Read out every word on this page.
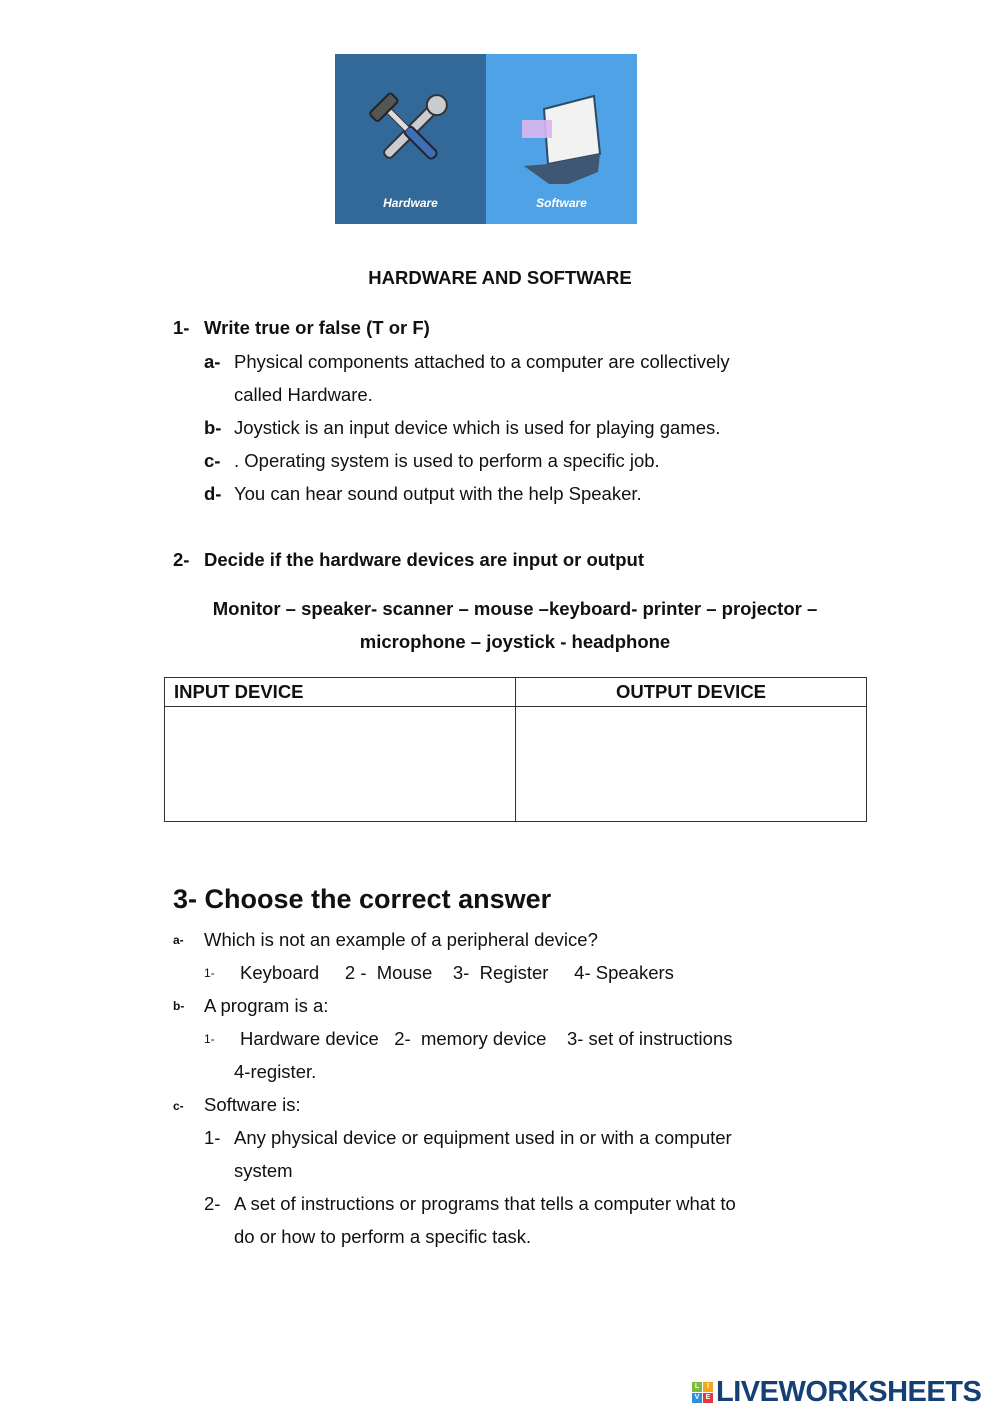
Hardware	Software
HARDWARE AND SOFTWARE
1- Write true or false (T or F)
a- Physical components attached to a computer are collectively
called Hardware.
b- Joystick is an input device which is used for playing games.
c- . Operating system is used to perform a specific job.
d- You can hear sound output with the help Speaker.
2- Decide if the hardware devices are input or output
Monitor – speaker- scanner – mouse –keyboard- printer – projector –
microphone – joystick - headphone
INPUT DEVICE	OUTPUT DEVICE

3- Choose the correct answer
a- Which is not an example of a peripheral device?
1- Keyboard     2 -  Mouse    3-  Register     4- Speakers
b- A program is a:
1- Hardware device   2-  memory device    3- set of instructions
4-register.
c- Software is:
1- Any physical device or equipment used in or with a computer
system
2- A set of instructions or programs that tells a computer what to
do or how to perform a specific task.
L	I
V E LIVEWORKSHEETS
